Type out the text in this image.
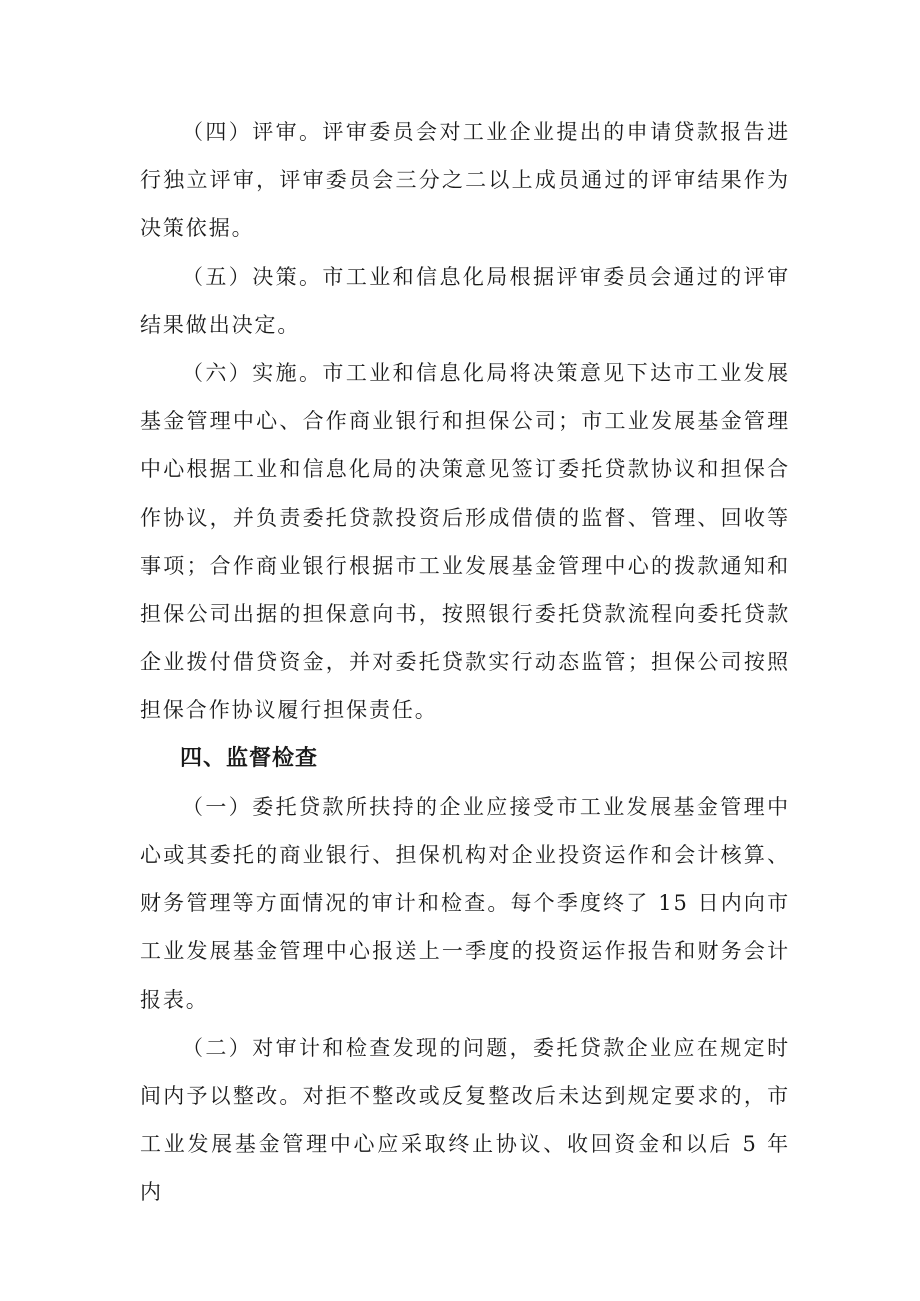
（四）评审。评审委员会对工业企业提出的申请贷款报告进行独立评审，评审委员会三分之二以上成员通过的评审结果作为决策依据。

（五）决策。市工业和信息化局根据评审委员会通过的评审结果做出决定。

（六）实施。市工业和信息化局将决策意见下达市工业发展基金管理中心、合作商业银行和担保公司；市工业发展基金管理中心根据工业和信息化局的决策意见签订委托贷款协议和担保合作协议，并负责委托贷款投资后形成借债的监督、管理、回收等事项；合作商业银行根据市工业发展基金管理中心的拨款通知和担保公司出据的担保意向书，按照银行委托贷款流程向委托贷款企业拨付借贷资金，并对委托贷款实行动态监管；担保公司按照担保合作协议履行担保责任。

四、监督检查

（一）委托贷款所扶持的企业应接受市工业发展基金管理中心或其委托的商业银行、担保机构对企业投资运作和会计核算、财务管理等方面情况的审计和检查。每个季度终了 15 日内向市工业发展基金管理中心报送上一季度的投资运作报告和财务会计报表。

（二）对审计和检查发现的问题，委托贷款企业应在规定时间内予以整改。对拒不整改或反复整改后未达到规定要求的，市工业发展基金管理中心应采取终止协议、收回资金和以后 5 年内
